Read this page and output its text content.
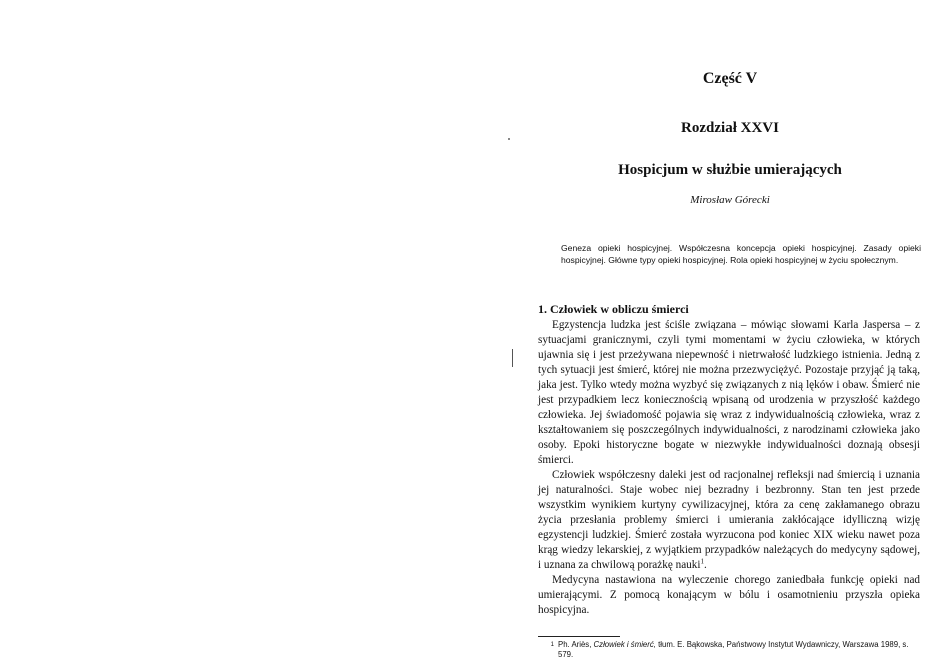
Część V
Rozdział XXVI
Hospicjum w służbie umierających
Mirosław Górecki
Geneza opieki hospicyjnej. Współczesna koncepcja opieki hospicyjnej. Zasady opieki hospicyjnej. Główne typy opieki hospicyjnej. Rola opieki hospicyjnej w życiu społecznym.
1. Człowiek w obliczu śmierci

Egzystencja ludzka jest ściśle związana – mówiąc słowami Karla Jaspersa – z sytuacjami granicznymi, czyli tymi momentami w życiu człowieka, w których ujawnia się i jest przeżywana niepewność i nietrwałość ludzkiego istnienia. Jedną z tych sytuacji jest śmierć, której nie można przezwyciężyć. Pozostaje przyjąć ją taką, jaka jest. Tylko wtedy można wyzbyć się związanych z nią lęków i obaw. Śmierć nie jest przypadkiem lecz koniecznością wpisaną od urodzenia w przyszłość każdego człowieka. Jej świadomość pojawia się wraz z indywidualnością człowieka, wraz z kształtowaniem się poszczególnych indywidualności, z narodzinami człowieka jako osoby. Epoki historyczne bogate w niezwykłe indywidualności doznają obsesji śmierci.

Człowiek współczesny daleki jest od racjonalnej refleksji nad śmiercią i uznania jej naturalności. Staje wobec niej bezradny i bezbronny. Stan ten jest przede wszystkim wynikiem kurtyny cywilizacyjnej, która za cenę zakłamanego obrazu życia przesłania problemy śmierci i umierania zakłócające idylliczną wizję egzystencji ludzkiej. Śmierć została wyrzucona pod koniec XIX wieku nawet poza krąg wiedzy lekarskiej, z wyjątkiem przypadków należących do medycyny sądowej, i uznana za chwilową porażkę nauki$^1$.

Medycyna nastawiona na wyleczenie chorego zaniedbała funkcję opieki nad umierającymi. Z pomocą konającym w bólu i osamotnieniu przyszła opieka hospicyjna.

1 Ph. Ariès, Człowiek i śmierć, tłum. E. Bąkowska, Państwowy Instytut Wydawniczy, Warszawa 1989, s. 579.
